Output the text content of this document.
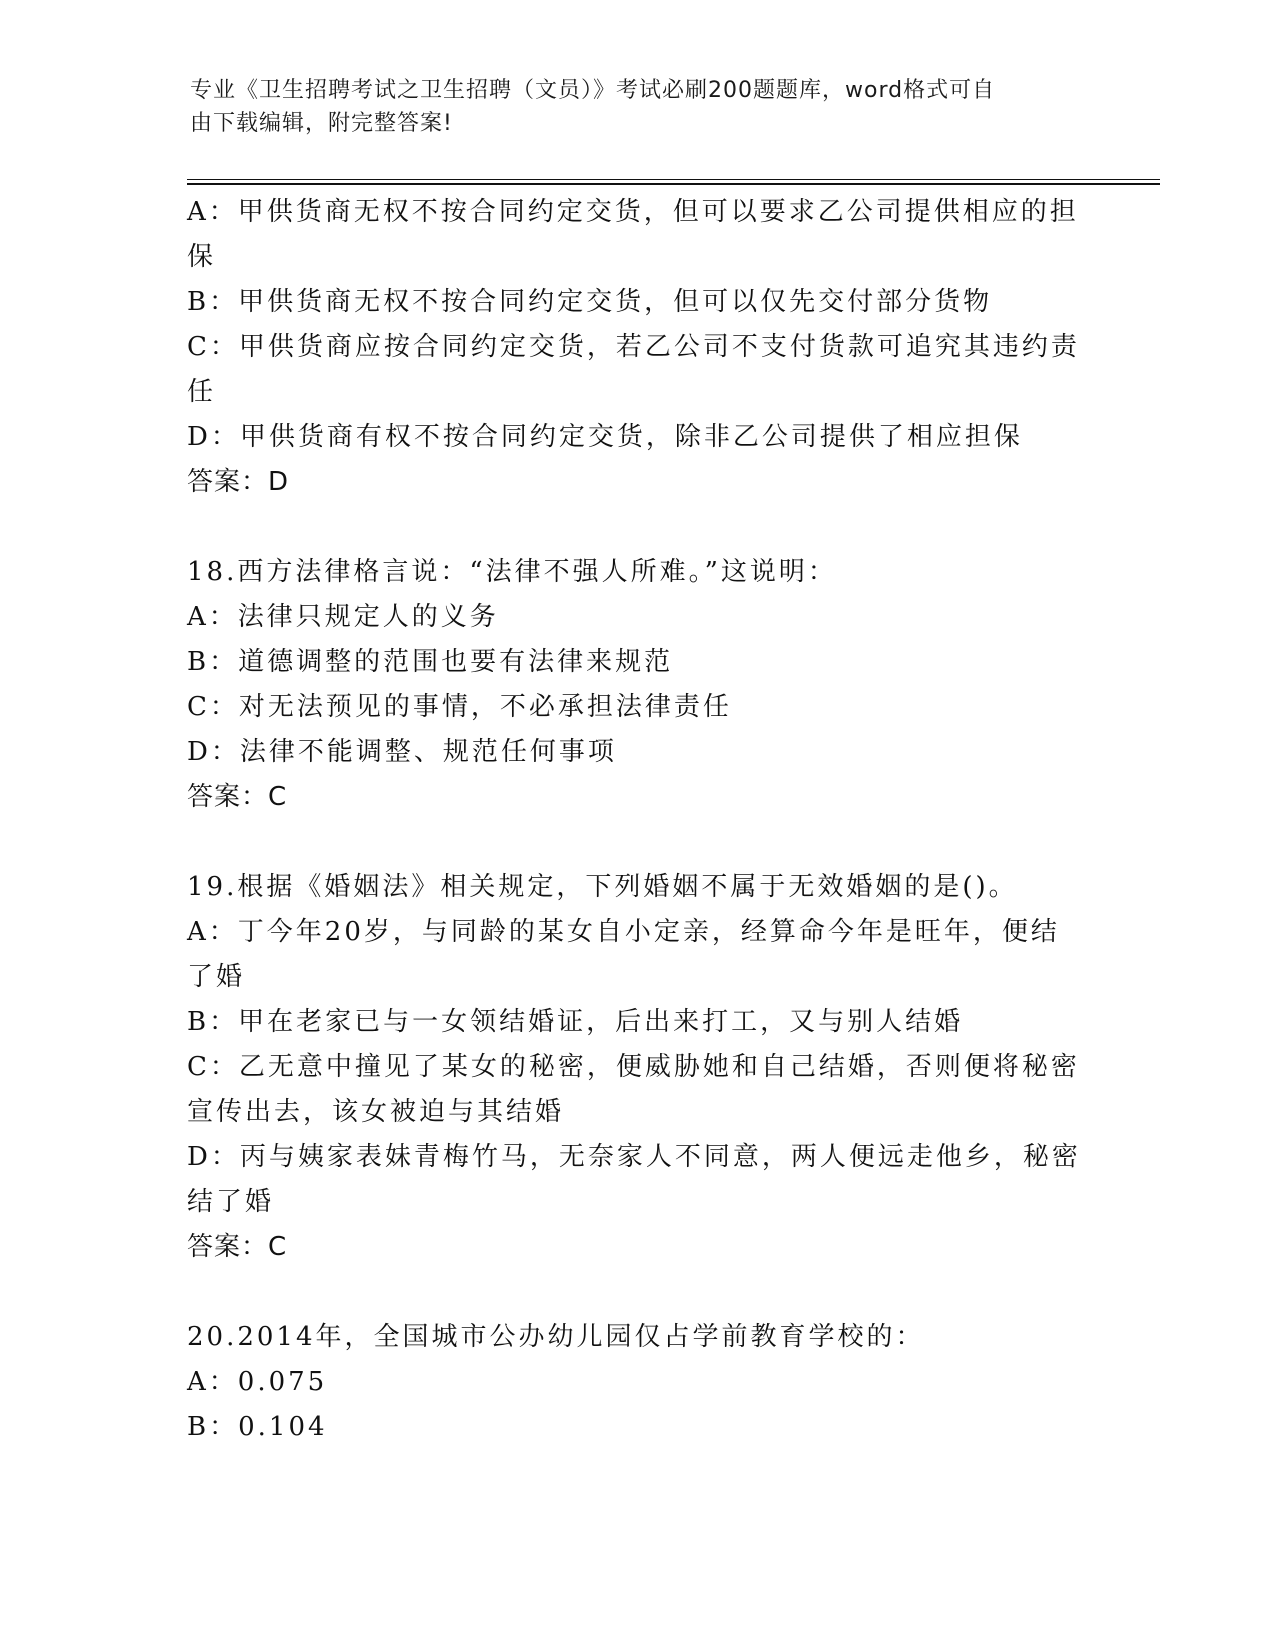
专业《卫生招聘考试之卫生招聘（文员）》考试必刷200题题库，word格式可自
由下载编辑，附完整答案!
A：甲供货商无权不按合同约定交货，但可以要求乙公司提供相应的担
保
B：甲供货商无权不按合同约定交货，但可以仅先交付部分货物
C：甲供货商应按合同约定交货，若乙公司不支付货款可追究其违约责
任
D：甲供货商有权不按合同约定交货，除非乙公司提供了相应担保
答案：D
18.西方法律格言说：“法律不强人所难。”这说明：
A：法律只规定人的义务
B：道德调整的范围也要有法律来规范
C：对无法预见的事情，不必承担法律责任
D：法律不能调整、规范任何事项
答案：C
19.根据《婚姻法》相关规定，下列婚姻不属于无效婚姻的是()。
A：丁今年20岁，与同龄的某女自小定亲，经算命今年是旺年，便结
了婚
B：甲在老家已与一女领结婚证，后出来打工，又与别人结婚
C：乙无意中撞见了某女的秘密，便威胁她和自己结婚，否则便将秘密
宣传出去，该女被迫与其结婚
D：丙与姨家表妹青梅竹马，无奈家人不同意，两人便远走他乡，秘密
结了婚
答案：C
20.2014年，全国城市公办幼儿园仅占学前教育学校的：
A：0.075
B：0.104
